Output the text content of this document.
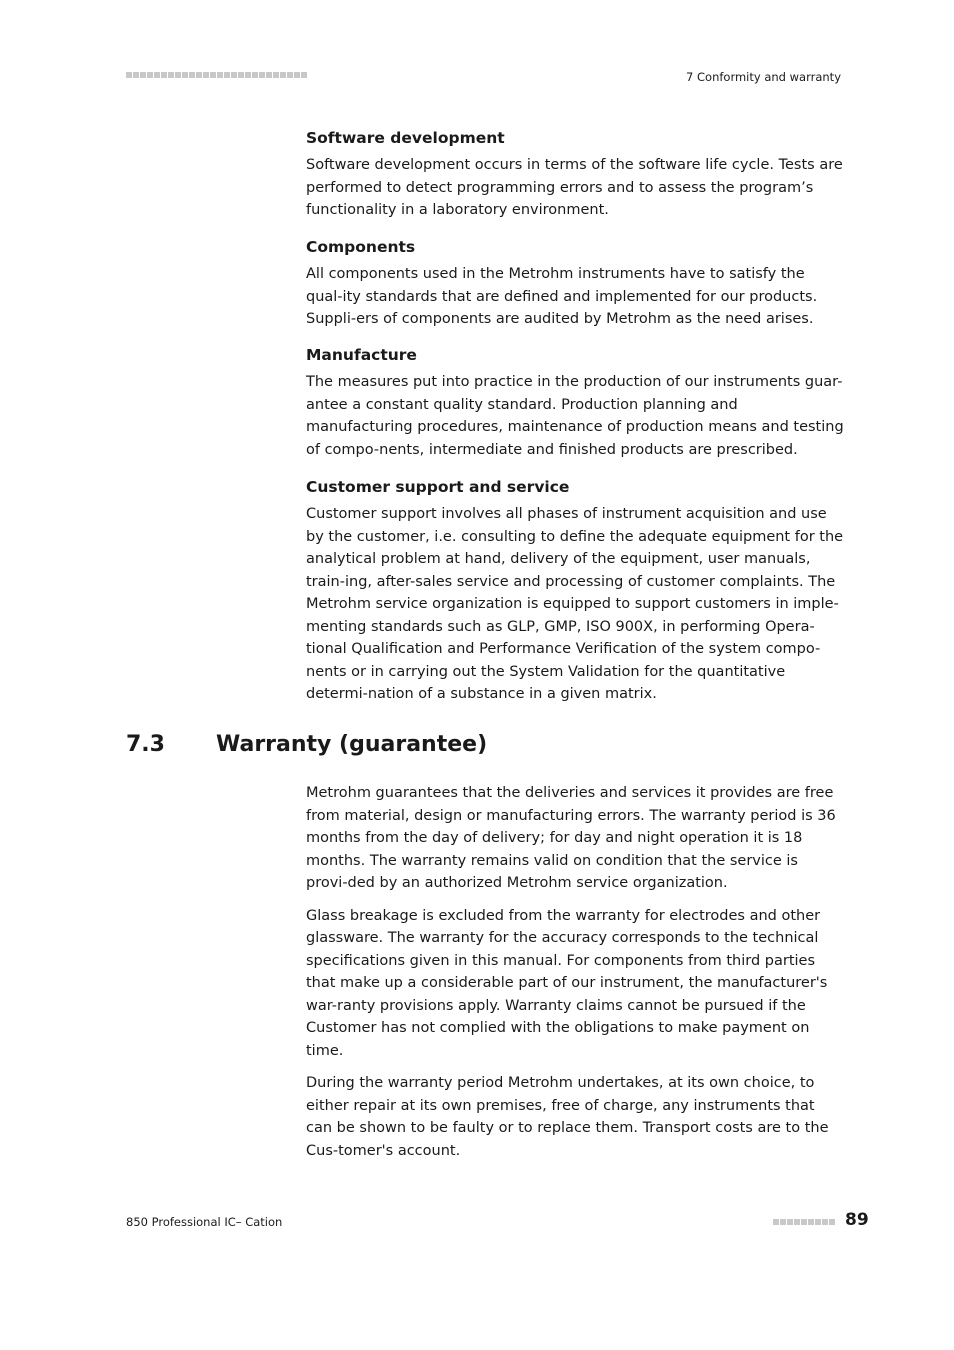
7 Conformity and warranty
Software development

Software development occurs in terms of the software life cycle. Tests are performed to detect programming errors and to assess the program’s functionality in a laboratory environment.

Components

All components used in the Metrohm instruments have to satisfy the qual-ity standards that are defined and implemented for our products. Suppli-ers of components are audited by Metrohm as the need arises.

Manufacture

The measures put into practice in the production of our instruments guar-antee a constant quality standard. Production planning and manufacturing procedures, maintenance of production means and testing of compo-nents, intermediate and finished products are prescribed.

Customer support and service

Customer support involves all phases of instrument acquisition and use by the customer, i.e. consulting to define the adequate equipment for the analytical problem at hand, delivery of the equipment, user manuals, train-ing, after-sales service and processing of customer complaints. The Metrohm service organization is equipped to support customers in imple-menting standards such as GLP, GMP, ISO 900X, in performing Opera-tional Qualification and Performance Verification of the system compo-nents or in carrying out the System Validation for the quantitative determi-nation of a substance in a given matrix.

7.3	Warranty (guarantee)

Metrohm guarantees that the deliveries and services it provides are free from material, design or manufacturing errors. The warranty period is 36 months from the day of delivery; for day and night operation it is 18 months. The warranty remains valid on condition that the service is provi-ded by an authorized Metrohm service organization.

Glass breakage is excluded from the warranty for electrodes and other glassware. The warranty for the accuracy corresponds to the technical specifications given in this manual. For components from third parties that make up a considerable part of our instrument, the manufacturer's war-ranty provisions apply. Warranty claims cannot be pursued if the Customer has not complied with the obligations to make payment on time.

During the warranty period Metrohm undertakes, at its own choice, to either repair at its own premises, free of charge, any instruments that can be shown to be faulty or to replace them. Transport costs are to the Cus-tomer's account.

850 Professional IC– Cation	89
